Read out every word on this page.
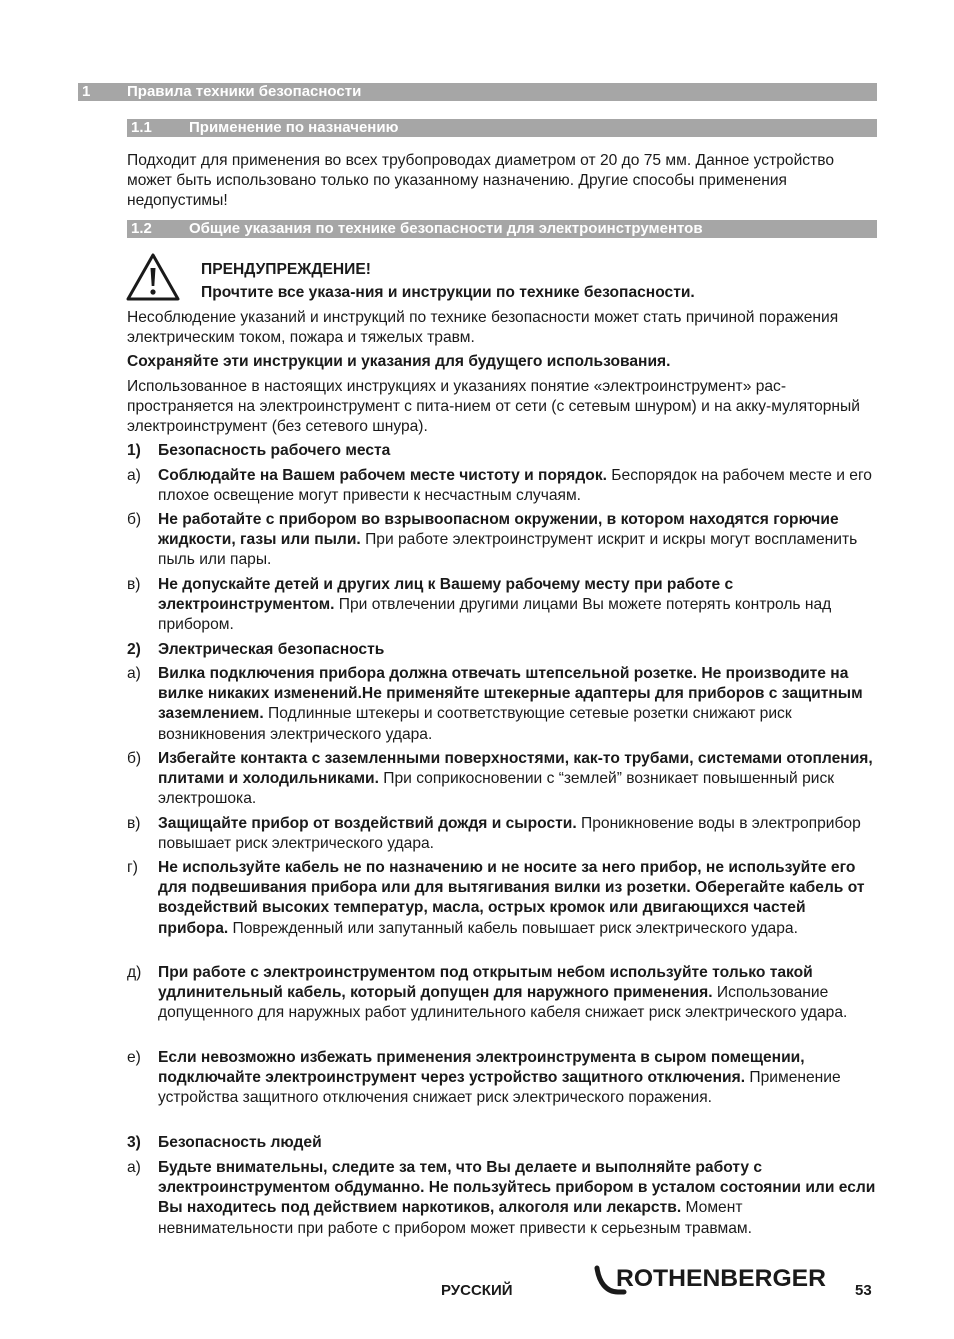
1 Правила техники безопасности
1.1 Применение по назначению

Подходит для применения во всех трубопроводах диаметром от 20 до 75 мм. Данное устройство может быть использовано только по указанному назначению. Другие способы применения недопустимы!

1.2 Общие указания по технике безопасности для электроинструментов
ПРЕНДУПРЕЖДЕНИЕ!
Прочтите все указа-ния и инструкции по технике безопасности.

Несоблюдение указаний и инструкций по технике безопасности может стать причиной поражения электрическим током, пожара и тяжелых травм.

Сохраняйте эти инструкции и указания для будущего использования.

Использованное в настоящих инструкциях и указаниях понятие «электроинструмент» рас-пространяется на электроинструмент с пита-нием от сети (с сетевым шнуром) и на акку-муляторный электроинструмент (без сетевого шнура).

1) Безопасность рабочего места
а) Соблюдайте на Вашем рабочем месте чистоту и порядок. Беспорядок на рабочем месте и его плохое освещение могут привести к несчастным случаям.
б) Не работайте с прибором во взрывоопасном окружении, в котором находятся горючие жидкости, газы или пыли. При работе электроинструмент искрит и искры могут воспламенить пыль или пары.
в) Не допускайте детей и других лиц к Вашему рабочему месту при работе с электроинструментом. При отвлечении другими лицами Вы можете потерять контроль над прибором.
2) Электрическая безопасность
а) Вилка подключения прибора должна отвечать штепсельной розетке. Не производите на вилке никаких изменений.Не применяйте штекерные адаптеры для приборов с защитным заземлением. Подлинные штекеры и соответствующие сетевые розетки снижают риск возникновения электрического удара.
б) Избегайте контакта с заземленными поверхностями, как-то трубами, системами отопления, плитами и холодильниками. При соприкосновении с “землей” возникает повышенный риск электрошока.
в) Защищайте прибор от воздействий дождя и сырости. Проникновение воды в электроприбор повышает риск электрического удара.
г) Не используйте кабель не по назначению и не носите за него прибор, не используйте его для подвешивания прибора или для вытягивания вилки из розетки. Оберегайте кабель от воздействий высоких температур, масла, острых кромок или двигающихся частей прибора. Поврежденный или запутанный кабель повышает риск электрического удара.
д) При работе с электроинструментом под открытым небом используйте только такой удлинительный кабель, который допущен для наружного применения. Использование допущенного для наружных работ удлинительного кабеля снижает риск электрического удара.
е) Если невозможно избежать применения электроинструмента в сыром помещении, подключайте электроинструмент через устройство защитного отключения. Применение устройства защитного отключения снижает риск электрического поражения.
3) Безопасность людей
а) Будьте внимательны, следите за тем, что Вы делаете и выполняйте работу с электроинструментом обдуманно. Не пользуйтесь прибором в усталом состоянии или если Вы находитесь под действием наркотиков, алкоголя или лекарств. Момент невнимательности при работе с прибором может привести к серьезным травмам.
РУССКИЙ	ROTHENBERGER 53
